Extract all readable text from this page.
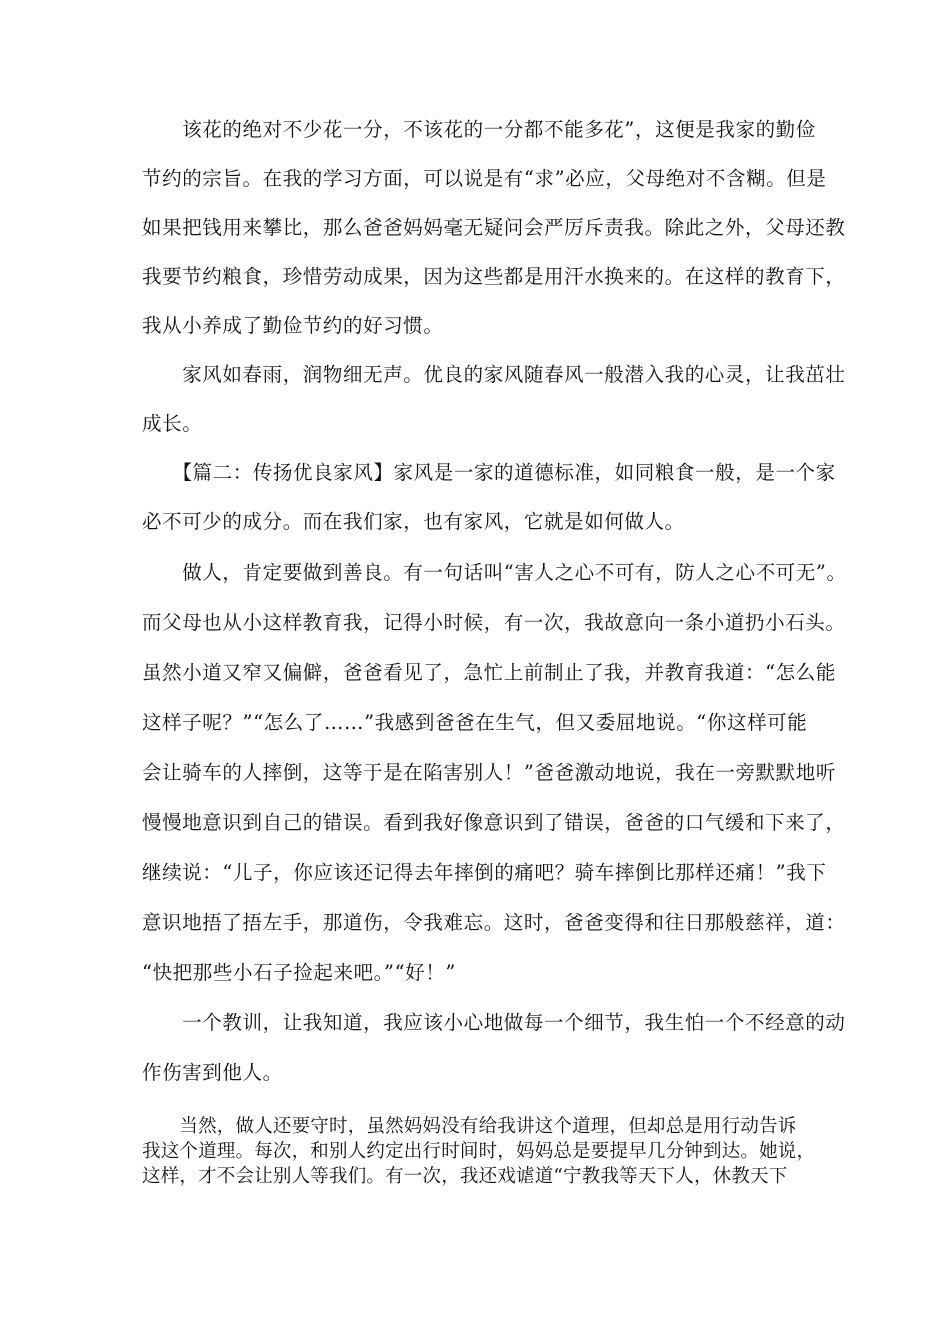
　　该花的绝对不少花一分，不该花的一分都不能多花”，这便是我家的勤俭
节约的宗旨。在我的学习方面，可以说是有“求”必应，父母绝对不含糊。但是
如果把钱用来攀比，那么爸爸妈妈毫无疑问会严厉斥责我。除此之外，父母还教
我要节约粮食，珍惜劳动成果，因为这些都是用汗水换来的。在这样的教育下，
我从小养成了勤俭节约的好习惯。
　　家风如春雨，润物细无声。优良的家风随春风一般潜入我的心灵，让我茁壮
成长。
　　【篇二：传扬优良家风】家风是一家的道德标准，如同粮食一般，是一个家
必不可少的成分。而在我们家，也有家风，它就是如何做人。
　　做人，肯定要做到善良。有一句话叫“害人之心不可有，防人之心不可无”。
而父母也从小这样教育我，记得小时候，有一次，我故意向一条小道扔小石头。
虽然小道又窄又偏僻，爸爸看见了，急忙上前制止了我，并教育我道：“怎么能
这样子呢？”“怎么了……”我感到爸爸在生气，但又委屈地说。“你这样可能
会让骑车的人摔倒，这等于是在陷害别人！”爸爸激动地说，我在一旁默默地听
慢慢地意识到自己的错误。看到我好像意识到了错误，爸爸的口气缓和下来了，
继续说：“儿子，你应该还记得去年摔倒的痛吧？骑车摔倒比那样还痛！”我下
意识地捂了捂左手，那道伤，令我难忘。这时，爸爸变得和往日那般慈祥，道：
“快把那些小石子捡起来吧。”“好！”
　　一个教训，让我知道，我应该小心地做每一个细节，我生怕一个不经意的动
作伤害到他人。
　　当然，做人还要守时，虽然妈妈没有给我讲这个道理，但却总是用行动告诉
我这个道理。每次，和别人约定出行时间时，妈妈总是要提早几分钟到达。她说，
这样，才不会让别人等我们。有一次，我还戏谑道“宁教我等天下人，休教天下
